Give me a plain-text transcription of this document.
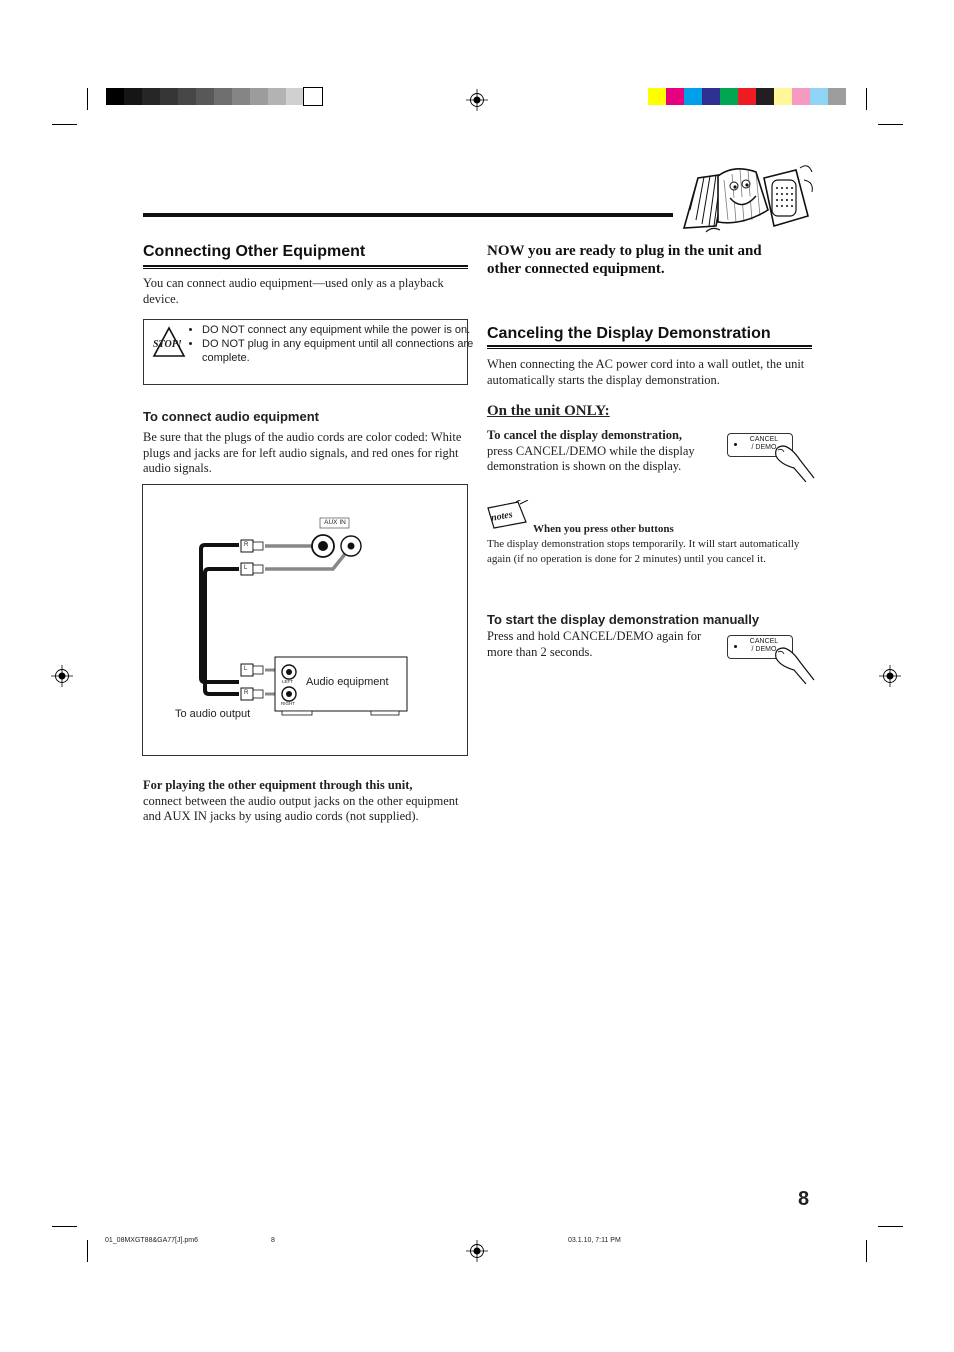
Connecting Other Equipment
You can connect audio equipment—used only as a playback device.
STOP!
• DO NOT connect any equipment while the power is on.
• DO NOT plug in any equipment until all connections are complete.
To connect audio equipment
Be sure that the plugs of the audio cords are color coded: White plugs and jacks are for left audio signals, and red ones for right audio signals.
AUX IN
R
L
L
R
LEFT
RIGHT
Audio equipment
To audio output
For playing the other equipment through this unit,
connect between the audio output jacks on the other equipment and AUX IN jacks by using audio cords (not supplied).
NOW you are ready to plug in the unit and other connected equipment.
Canceling the Display Demonstration
When connecting the AC power cord into a wall outlet, the unit automatically starts the display demonstration.
On the unit ONLY:
To cancel the display demonstration,
press CANCEL/DEMO while the display demonstration is shown on the display.
CANCEL
/ DEMO
notes
When you press other buttons
The display demonstration stops temporarily. It will start automatically again (if no operation is done for 2 minutes) until you cancel it.
To start the display demonstration manually
Press and hold CANCEL/DEMO again for more than 2 seconds.
CANCEL
/ DEMO
8
01_08MXGT88&GA77[J].pm6	8	03.1.10, 7:11 PM
